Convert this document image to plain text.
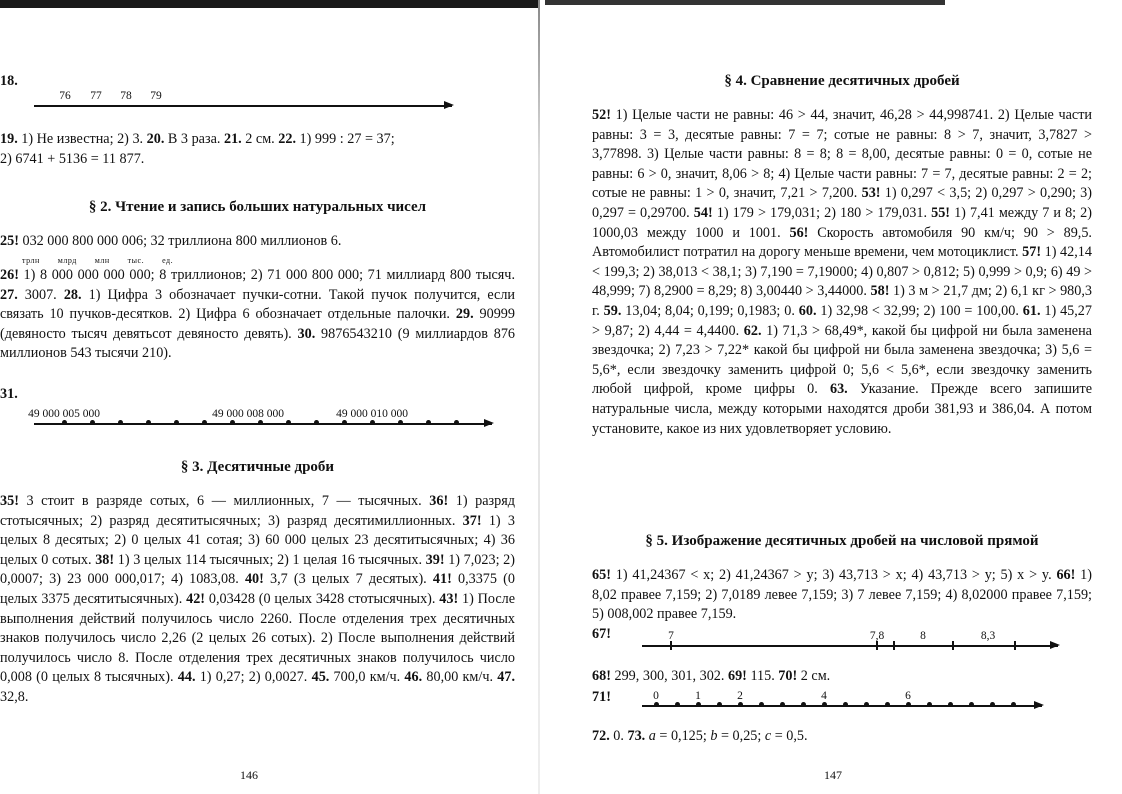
18.
76 77 78 79
19. 1) Не известна; 2) 3. 20. В 3 раза. 21. 2 см. 22. 1) 999 : 27 = 37;
2) 6741 + 5136 = 11 877.
§ 2. Чтение и запись больших натуральных чисел
25! 032 000 800 000 006; 32 триллиона 800 миллионов 6.
трлн млрд млн тыс. ед.
26! 1) 8 000 000 000 000; 8 триллионов; 2) 71 000 800 000; 71 миллиард 800 тысяч. 27. 3007. 28. 1) Цифра 3 обозначает пучки-сотни. Такой пучок получится, если связать 10 пучков-десятков. 2) Цифра 6 обозначает отдельные палочки. 29. 90999 (девяносто тысяч девятьсот девяносто девять). 30. 9876543210 (9 миллиардов 876 миллионов 543 тысячи 210).
31.
49 000 005 000	49 000 008 000	49 000 010 000
§ 3. Десятичные дроби
35! 3 стоит в разряде сотых, 6 — миллионных, 7 — тысячных. 36! 1) разряд стотысячных; 2) разряд десятитысячных; 3) разряд десятимиллионных. 37! 1) 3 целых 8 десятых; 2) 0 целых 41 сотая; 3) 60 000 целых 23 десятитысячных; 4) 36 целых 0 сотых. 38! 1) 3 целых 114 тысячных; 2) 1 целая 16 тысячных. 39! 1) 7,023; 2) 0,0007; 3) 23 000 000,017; 4) 1083,08. 40! 3,7 (3 целых 7 десятых). 41! 0,3375 (0 целых 3375 десятитысячных). 42! 0,03428 (0 целых 3428 стотысячных). 43! 1) После выполнения действий получилось число 2260. После отделения трех десятичных знаков получилось число 2,26 (2 целых 26 сотых). 2) После выполнения действий получилось число 8. После отделения трех десятичных знаков получилось число 0,008 (0 целых 8 тысячных). 44. 1) 0,27; 2) 0,0027. 45. 700,0 км/ч. 46. 80,00 км/ч. 47. 32,8.
146
§ 4. Сравнение десятичных дробей
52! 1) Целые части не равны: 46 > 44, значит, 46,28 > 44,998741. 2) Целые части равны: 3 = 3, десятые равны: 7 = 7; сотые не равны: 8 > 7, значит, 3,7827 > 3,77898. 3) Целые части равны: 8 = 8; 8 = 8,00, десятые равны: 0 = 0, сотые не равны: 6 > 0, значит, 8,06 > 8; 4) Целые части равны: 7 = 7, десятые равны: 2 = 2; сотые не равны: 1 > 0, значит, 7,21 > 7,200. 53! 1) 0,297 < 3,5; 2) 0,297 > 0,290; 3) 0,297 = 0,29700. 54! 1) 179 > 179,031; 2) 180 > 179,031. 55! 1) 7,41 между 7 и 8; 2) 1000,03 между 1000 и 1001. 56! Скорость автомобиля 90 км/ч; 90 > 89,5. Автомобилист потратил на дорогу меньше времени, чем мотоциклист. 57! 1) 42,14 < 199,3; 2) 38,013 < 38,1; 3) 7,190 = 7,19000; 4) 0,807 > 0,812; 5) 0,999 > 0,9; 6) 49 > 48,999; 7) 8,2900 = 8,29; 8) 3,00440 > 3,44000. 58! 1) 3 м > 21,7 дм; 2) 6,1 кг > 980,3 г. 59. 13,04; 8,04; 0,199; 0,1983; 0. 60. 1) 32,98 < 32,99; 2) 100 = 100,00. 61. 1) 45,27 > 9,87; 2) 4,44 = 4,4400. 62. 1) 71,3 > 68,49*, какой бы цифрой ни была заменена звездочка; 2) 7,23 > 7,22* какой бы цифрой ни была заменена звездочка; 3) 5,6 = 5,6*, если звездочку заменить цифрой 0; 5,6 < 5,6*, если звездочку заменить любой цифрой, кроме цифры 0. 63. Указание. Прежде всего запишите натуральные числа, между которыми находятся дроби 381,93 и 386,04. А потом установите, какое из них удовлетворяет условию.
§ 5. Изображение десятичных дробей на числовой прямой
65! 1) 41,24367 < x; 2) 41,24367 > y; 3) 43,713 > x; 4) 43,713 > y; 5) x > y. 66! 1) 8,02 правее 7,159; 2) 7,0189 левее 7,159; 3) 7 левее 7,159; 4) 8,02000 правее 7,159; 5) 008,002 правее 7,159.
67!	7	7,8	8	8,3
68! 299, 300, 301, 302. 69! 115. 70! 2 см.
71!	0	1	2	4	6
72. 0. 73. a = 0,125; b = 0,25; c = 0,5.
147
